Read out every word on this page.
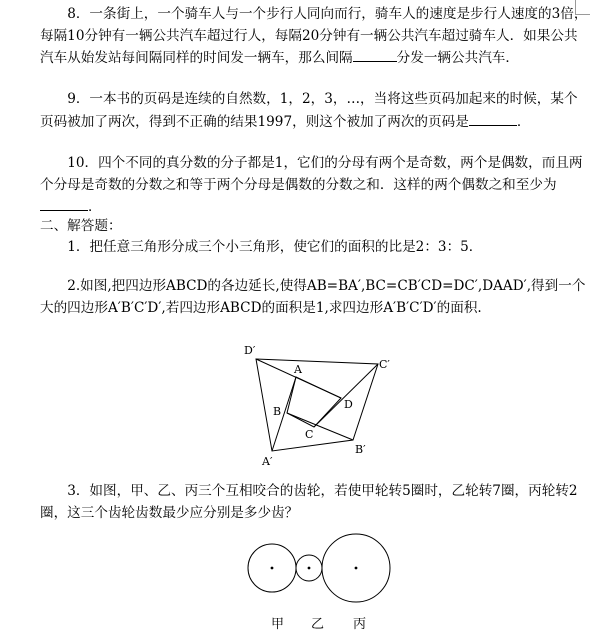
8．一条街上，一个骑车人与一个步行人同向而行，骑车人的速度是步行人速度的3倍，每隔10分钟有一辆公共汽车超过行人，每隔20分钟有一辆公共汽车超过骑车人．如果公共汽车从始发站每间隔同样的时间发一辆车，那么间隔	分发一辆公共汽车．

9．一本书的页码是连续的自然数，1，2，3，…，当将这些页码加起来的时候，某个页码被加了两次，得到不正确的结果1997，则这个被加了两次的页码是	．

10．四个不同的真分数的分子都是1，它们的分母有两个是奇数，两个是偶数，而且两个分母是奇数的分数之和等于两个分母是偶数的分数之和．这样的两个偶数之和至少为．

二、解答题：

1．把任意三角形分成三个小三角形，使它们的面积的比是2：3：5．

2.如图,把四边形ABCD的各边延长,使得AB=BA′,BC=CB′CD=DC′,DAAD′,得到一个大的四边形A′B′C′D′,若四边形ABCD的面积是1,求四边形A′B′C′D′的面积.

D′
C′
A
D
B
C
B′
A′

3．如图，甲、乙、丙三个互相咬合的齿轮，若使甲轮转5圈时，乙轮转7圈，丙轮转2圈，这三个齿轮齿数最少应分别是多少齿？

甲 乙 丙
